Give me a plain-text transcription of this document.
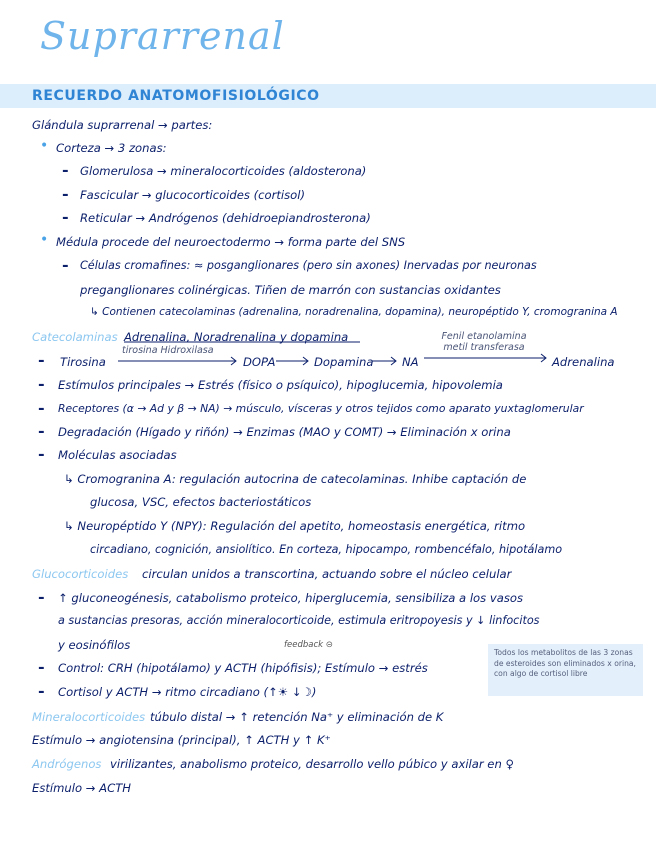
Suprarrenal
RECUERDO ANATOMOFISIOLÓGICO
Glándula suprarrenal → partes:
• Corteza → 3 zonas:
- Glomerulosa → mineralocorticoides (aldosterona)
- Fascicular → glucocorticoides (cortisol)
- Reticular → Andrógenos (dehidroepiandrosterona)
• Médula procede del neuroectodermo → forma parte del SNS
- Células cromafines: ≈ posganglionares (pero sin axones) Inervadas por neuronas
preganglionares colinérgicas. Tiñen de marrón con sustancias oxidantes
↳ Contienen catecolaminas (adrenalina, noradrenalina, dopamina), neuropéptido Y, cromogranina A
Catecolaminas Adrenalina, Noradrenalina y dopamina
- Tirosina
tirosina Hidroxilasa
DOPA	Dopamina NA
Fenil etanolamina metil transferasa
Adrenalina
- Estímulos principales → Estrés (físico o psíquico), hipoglucemia, hipovolemia
- Receptores (α → Ad y β → NA) → músculo, vísceras y otros tejidos como aparato yuxtaglomerular
- Degradación (Hígado y riñón) → Enzimas (MAO y COMT) → Eliminación x orina
- Moléculas asociadas
↳ Cromogranina A: regulación autocrina de catecolaminas. Inhibe captación de
glucosa, VSC, efectos bacteriostáticos
↳ Neuropéptido Y (NPY): Regulación del apetito, homeostasis energética, ritmo
circadiano, cognición, ansiolítico. En corteza, hipocampo, rombencéfalo, hipotálamo
Glucocorticoides circulan unidos a transcortina, actuando sobre el núcleo celular
- ↑ gluconeogénesis, catabolismo proteico, hiperglucemia, sensibiliza a los vasos
a sustancias presoras, acción mineralocorticoide, estimula eritropoyesis y ↓ linfocitos
y eosinófilos	feedback ⊝
- Control: CRH (hipotálamo) y ACTH (hipófisis); Estímulo → estrés
- Cortisol y ACTH → ritmo circadiano (↑☀ ↓☽)
Todos los metabolitos de las 3 zonas de esteroides son eliminados x orina, con algo de cortisol libre
Mineralocorticoides túbulo distal → ↑ retención Na⁺ y eliminación de K
Estímulo → angiotensina (principal), ↑ ACTH y ↑ K⁺
Andrógenos virilizantes, anabolismo proteico, desarrollo vello púbico y axilar en ♀
Estímulo → ACTH
